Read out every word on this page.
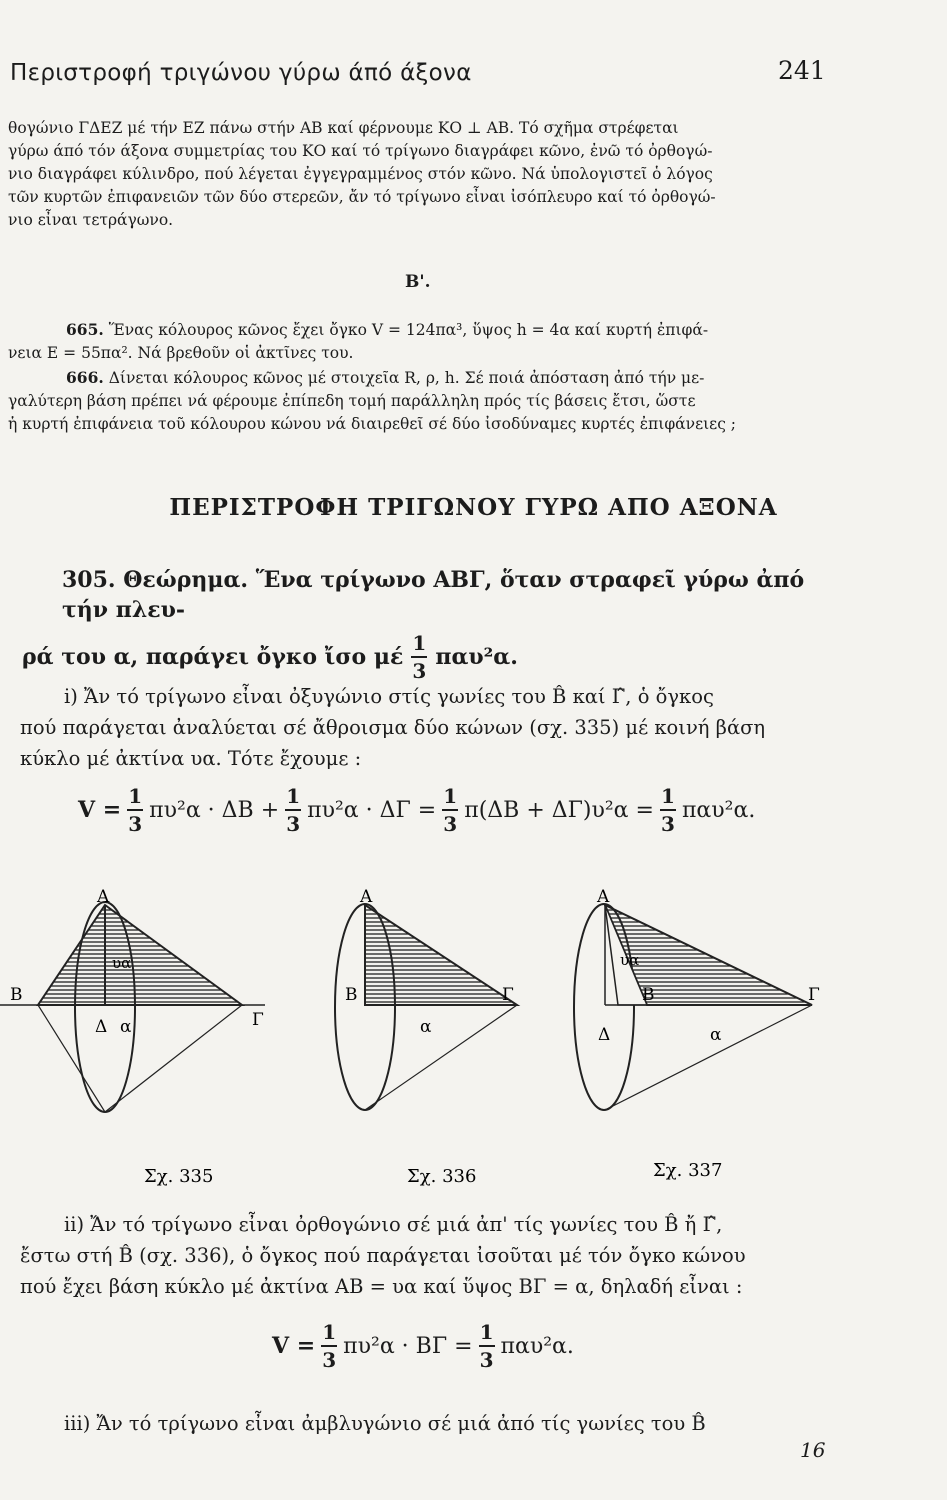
Περιστροφή τριγώνου γύρω άπό άξονα	241
θογώνιο ΓΔΕΖ μέ τήν ΕΖ πάνω στήν ΑΒ καί φέρνουμε ΚΟ ⊥ ΑΒ. Τό σχῆμα στρέφεται
γύρω άπό τόν άξονα συμμετρίας του ΚΟ καί τό τρίγωνο διαγράφει κῶνο, ἐνῶ τό ὀρθογώ-
νιο διαγράφει κύλινδρο, πού λέγεται ἐγγεγραμμένος στόν κῶνο. Νά ὑπολογιστεῖ ὁ λόγος
τῶν κυρτῶν ἐπιφανειῶν τῶν δύο στερεῶν, ἄν τό τρίγωνο εἶναι ἰσόπλευρο καί τό ὀρθογώ-
νιο εἶναι τετράγωνο.
Β'.
665. Ἕνας κόλουρος κῶνος ἔχει ὄγκο V = 124πα³, ὕψος h = 4α καί κυρτή ἐπιφά-
νεια Ε = 55πα². Νά βρεθοῦν οἱ ἀκτῖνες του.
666. Δίνεται κόλουρος κῶνος μέ στοιχεῖα R, ρ, h. Σέ ποιά ἀπόσταση ἀπό τήν με-
γαλύτερη βάση πρέπει νά φέρουμε ἐπίπεδη τομή παράλληλη πρός τίς βάσεις ἔτσι, ὥστε
ἡ κυρτή ἐπιφάνεια τοῦ κόλουρου κώνου νά διαιρεθεῖ σέ δύο ἰσοδύναμες κυρτές ἐπιφάνειες ;
ΠΕΡΙΣΤΡΟΦΗ ΤΡΙΓΩΝΟΥ ΓΥΡΩ ΑΠΟ ΑΞΟΝΑ
305. Θεώρημα. Ἕνα τρίγωνο ΑΒΓ, ὅταν στραφεῖ γύρω ἀπό τήν πλευ-
ρά του α, παράγει ὄγκο ἴσο μέ $\frac{1}{3} \pi\alpha\upsilon^2\alpha$.
i) Ἄν τό τρίγωνο εἶναι ὀξυγώνιο στίς γωνίες του B̂ καί Γ̂, ὁ ὄγκος
πού παράγεται ἀναλύεται σέ ἄθροισμα δύο κώνων (σχ. 335) μέ κοινή βάση
κύκλο μέ ἀκτίνα υα. Τότε ἔχουμε :
$V = \frac{1}{3} \pi\upsilon^2\alpha \cdot \Delta B + \frac{1}{3} \pi\upsilon^2\alpha \cdot \Delta\Gamma = \frac{1}{3} \pi(\Delta B + \Delta\Gamma)\upsilon^2\alpha = \frac{1}{3} \pi\alpha\upsilon^2\alpha$.
Α
Β
Γ
Δ α
υα
Σχ. 335
Α
Β	Γ
α
Σχ. 336
Α
Β	Γ
Δ	α
υα
Σχ. 337
ii) Ἄν τό τρίγωνο εἶναι ὀρθογώνιο σέ μιά ἀπ' τίς γωνίες του B̂ ἤ Γ̂,
ἔστω στή B̂ (σχ. 336), ὁ ὄγκος πού παράγεται ἰσοῦται μέ τόν ὄγκο κώνου
πού ἔχει βάση κύκλο μέ ἀκτίνα ΑΒ = υα καί ὕψος ΒΓ = α, δηλαδή εἶναι :
$V = \frac{1}{3} \pi\upsilon^2\alpha \cdot B\Gamma = \frac{1}{3} \pi\alpha\upsilon^2\alpha$.
iii) Ἄν τό τρίγωνο εἶναι ἀμβλυγώνιο σέ μιά ἀπό τίς γωνίες του B̂
16
